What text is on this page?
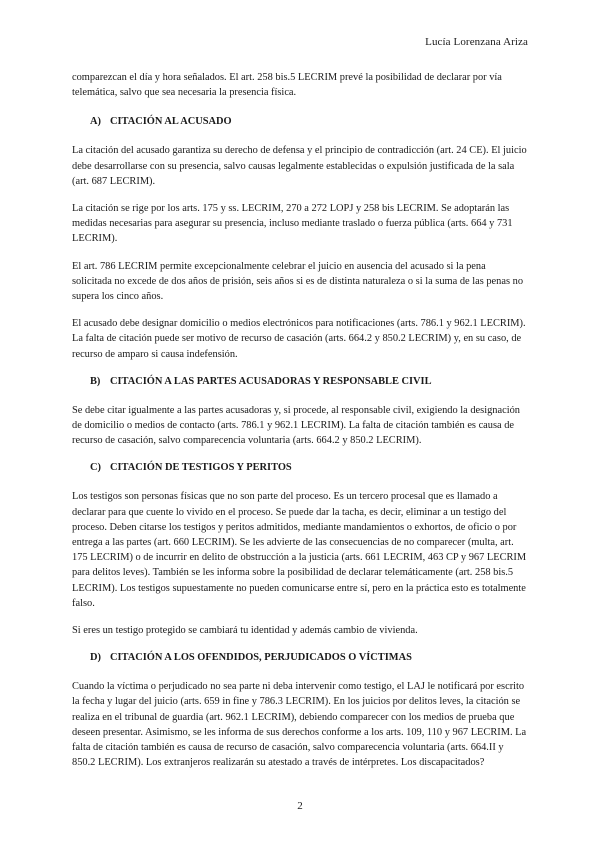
Lucía Lorenzana Ariza

comparezcan el día y hora señalados. El art. 258 bis.5 LECRIM prevé la posibilidad de declarar por vía telemática, salvo que sea necesaria la presencia física.

A) CITACIÓN AL ACUSADO

La citación del acusado garantiza su derecho de defensa y el principio de contradicción (art. 24 CE). El juicio debe desarrollarse con su presencia, salvo causas legalmente establecidas o expulsión justificada de la sala (art. 687 LECRIM).

La citación se rige por los arts. 175 y ss. LECRIM, 270 a 272 LOPJ y 258 bis LECRIM. Se adoptarán las medidas necesarias para asegurar su presencia, incluso mediante traslado o fuerza pública (arts. 664 y 731 LECRIM).

El art. 786 LECRIM permite excepcionalmente celebrar el juicio en ausencia del acusado si la pena solicitada no excede de dos años de prisión, seis años si es de distinta naturaleza o si la suma de las penas no supera los cinco años.

El acusado debe designar domicilio o medios electrónicos para notificaciones (arts. 786.1 y 962.1 LECRIM). La falta de citación puede ser motivo de recurso de casación (arts. 664.2 y 850.2 LECRIM) y, en su caso, de recurso de amparo si causa indefensión.

B) CITACIÓN A LAS PARTES ACUSADORAS Y RESPONSABLE CIVIL

Se debe citar igualmente a las partes acusadoras y, si procede, al responsable civil, exigiendo la designación de domicilio o medios de contacto (arts. 786.1 y 962.1 LECRIM). La falta de citación también es causa de recurso de casación, salvo comparecencia voluntaria (arts. 664.2 y 850.2 LECRIM).

C) CITACIÓN DE TESTIGOS Y PERITOS

Los testigos son personas físicas que no son parte del proceso. Es un tercero procesal que es llamado a declarar para que cuente lo vivido en el proceso. Se puede dar la tacha, es decir, eliminar a un testigo del proceso. Deben citarse los testigos y peritos admitidos, mediante mandamientos o exhortos, de oficio o por entrega a las partes (art. 660 LECRIM). Se les advierte de las consecuencias de no comparecer (multa, art. 175 LECRIM) o de incurrir en delito de obstrucción a la justicia (arts. 661 LECRIM, 463 CP y 967 LECRIM para delitos leves). También se les informa sobre la posibilidad de declarar telemáticamente (art. 258 bis.5 LECRIM). Los testigos supuestamente no pueden comunicarse entre sí, pero en la práctica esto es totalmente falso.

Si eres un testigo protegido se cambiará tu identidad y además cambio de vivienda.

D) CITACIÓN A LOS OFENDIDOS, PERJUDICADOS O VÍCTIMAS

Cuando la víctima o perjudicado no sea parte ni deba intervenir como testigo, el LAJ le notificará por escrito la fecha y lugar del juicio (arts. 659 in fine y 786.3 LECRIM). En los juicios por delitos leves, la citación se realiza en el tribunal de guardia (art. 962.1 LECRIM), debiendo comparecer con los medios de prueba que deseen presentar. Asimismo, se les informa de sus derechos conforme a los arts. 109, 110 y 967 LECRIM. La falta de citación también es causa de recurso de casación, salvo comparecencia voluntaria (arts. 664.II y 850.2 LECRIM). Los extranjeros realizarán su atestado a través de intérpretes. Los discapacitados?

2
